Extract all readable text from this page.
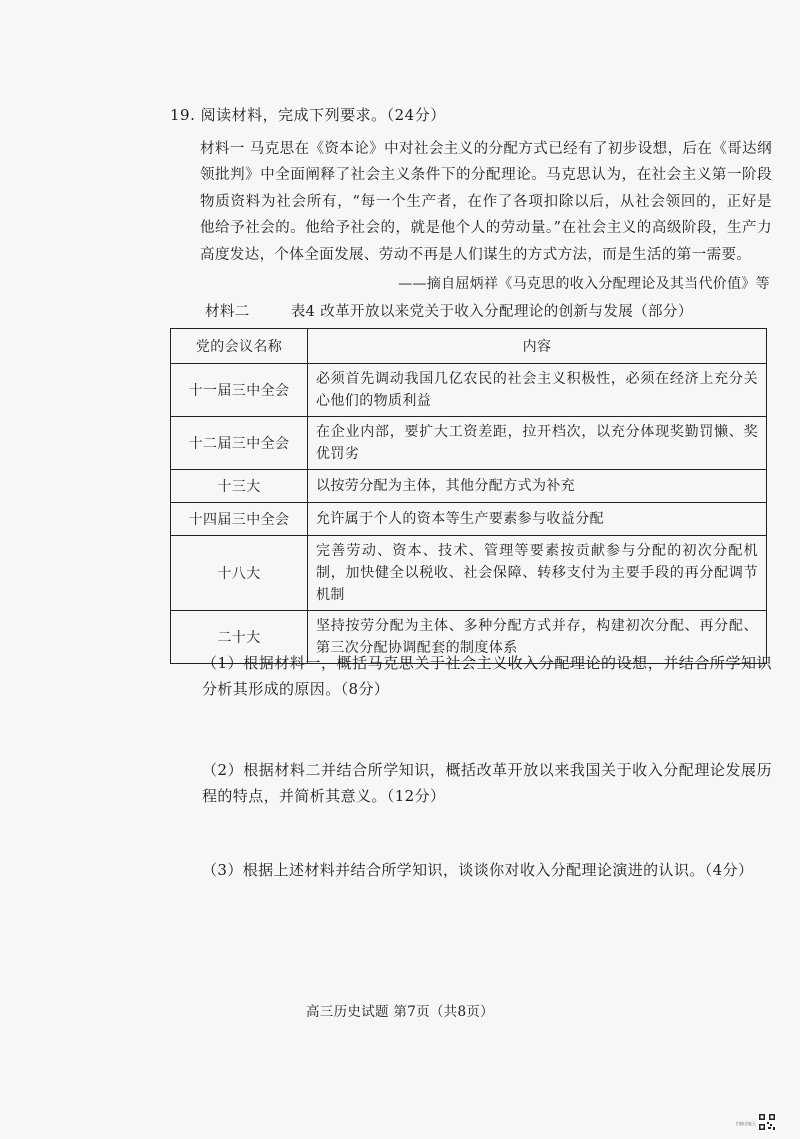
19. 阅读材料，完成下列要求。（24分）
材料一 马克思在《资本论》中对社会主义的分配方式已经有了初步设想，后在《哥达纲领批判》中全面阐释了社会主义条件下的分配理论。马克思认为，在社会主义第一阶段物质资料为社会所有，“每一个生产者，在作了各项扣除以后，从社会领回的，正好是他给予社会的。他给予社会的，就是他个人的劳动量。”在社会主义的高级阶段，生产力高度发达，个体全面发展、劳动不再是人们谋生的方式方法，而是生活的第一需要。
——摘自屈炳祥《马克思的收入分配理论及其当代价值》等
材料二	表4 改革开放以来党关于收入分配理论的创新与发展（部分）
党的会议名称	内容
十一届三中全会	必须首先调动我国几亿农民的社会主义积极性，必须在经济上充分关心他们的物质利益
十二届三中全会	在企业内部，要扩大工资差距，拉开档次，以充分体现奖勤罚懒、奖优罚劣
十三大	以按劳分配为主体，其他分配方式为补充
十四届三中全会	允许属于个人的资本等生产要素参与收益分配
十八大	完善劳动、资本、技术、管理等要素按贡献参与分配的初次分配机制，加快健全以税收、社会保障、转移支付为主要手段的再分配调节机制
二十大	坚持按劳分配为主体、多种分配方式并存，构建初次分配、再分配、第三次分配协调配套的制度体系
（1）根据材料一，概括马克思关于社会主义收入分配理论的设想，并结合所学知识分析其形成的原因。（8分）
（2）根据材料二并结合所学知识，概括改革开放以来我国关于收入分配理论发展历程的特点，并简析其意义。（12分）
（3）根据上述材料并结合所学知识，谈谈你对收入分配理论演进的认识。（4分）
高三历史试题 第7页（共8页）
扫描全能王
